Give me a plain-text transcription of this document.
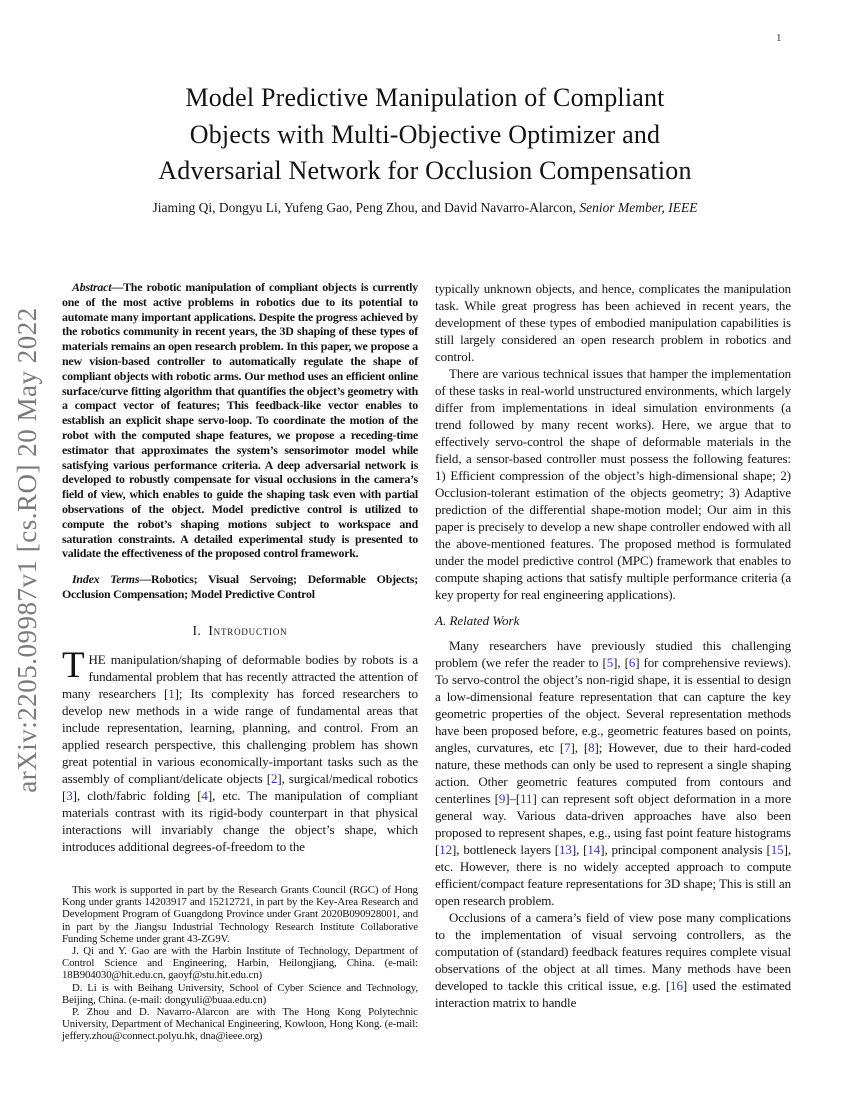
arXiv:2205.09987v1 [cs.RO] 20 May 2022
1
Model Predictive Manipulation of Compliant
Objects with Multi-Objective Optimizer and
Adversarial Network for Occlusion Compensation
Jiaming Qi, Dongyu Li, Yufeng Gao, Peng Zhou, and David Navarro-Alarcon, Senior Member, IEEE

Abstract—The robotic manipulation of compliant objects is currently one of the most active problems in robotics due to its potential to automate many important applications. Despite the progress achieved by the robotics community in recent years, the 3D shaping of these types of materials remains an open research problem. In this paper, we propose a new vision-based controller to automatically regulate the shape of compliant objects with robotic arms. Our method uses an efficient online surface/curve fitting algorithm that quantifies the object’s geometry with a compact vector of features; This feedback-like vector enables to establish an explicit shape servo-loop. To coordinate the motion of the robot with the computed shape features, we propose a receding-time estimator that approximates the system’s sensorimotor model while satisfying various performance criteria. A deep adversarial network is developed to robustly compensate for visual occlusions in the camera’s field of view, which enables to guide the shaping task even with partial observations of the object. Model predictive control is utilized to compute the robot’s shaping motions subject to workspace and saturation constraints. A detailed experimental study is presented to validate the effectiveness of the proposed control framework.

Index Terms—Robotics; Visual Servoing; Deformable Objects; Occlusion Compensation; Model Predictive Control

I. Introduction

THE manipulation/shaping of deformable bodies by robots is a fundamental problem that has recently attracted the attention of many researchers [1]; Its complexity has forced researchers to develop new methods in a wide range of fundamental areas that include representation, learning, planning, and control. From an applied research perspective, this challenging problem has shown great potential in various economically-important tasks such as the assembly of compliant/delicate objects [2], surgical/medical robotics [3], cloth/fabric folding [4], etc. The manipulation of compliant materials contrast with its rigid-body counterpart in that physical interactions will invariably change the object’s shape, which introduces additional degrees-of-freedom to the

This work is supported in part by the Research Grants Council (RGC) of Hong Kong under grants 14203917 and 15212721, in part by the Key-Area Research and Development Program of Guangdong Province under Grant 2020B090928001, and in part by the Jiangsu Industrial Technology Research Institute Collaborative Funding Scheme under grant 43-ZG9V.

J. Qi and Y. Gao are with the Harbin Institute of Technology, Department of Control Science and Engineering, Harbin, Heilongjiang, China. (e-mail: 18B904030@hit.edu.cn, gaoyf@stu.hit.edu.cn)

D. Li is with Beihang University, School of Cyber Science and Technology, Beijing, China. (e-mail: dongyuli@buaa.edu.cn)

P. Zhou and D. Navarro-Alarcon are with The Hong Kong Polytechnic University, Department of Mechanical Engineering, Kowloon, Hong Kong. (e-mail: jeffery.zhou@connect.polyu.hk, dna@ieee.org)

typically unknown objects, and hence, complicates the manipulation task. While great progress has been achieved in recent years, the development of these types of embodied manipulation capabilities is still largely considered an open research problem in robotics and control.

There are various technical issues that hamper the implementation of these tasks in real-world unstructured environments, which largely differ from implementations in ideal simulation environments (a trend followed by many recent works). Here, we argue that to effectively servo-control the shape of deformable materials in the field, a sensor-based controller must possess the following features: 1) Efficient compression of the object’s high-dimensional shape; 2) Occlusion-tolerant estimation of the objects geometry; 3) Adaptive prediction of the differential shape-motion model; Our aim in this paper is precisely to develop a new shape controller endowed with all the above-mentioned features. The proposed method is formulated under the model predictive control (MPC) framework that enables to compute shaping actions that satisfy multiple performance criteria (a key property for real engineering applications).

A. Related Work

Many researchers have previously studied this challenging problem (we refer the reader to [5], [6] for comprehensive reviews). To servo-control the object’s non-rigid shape, it is essential to design a low-dimensional feature representation that can capture the key geometric properties of the object. Several representation methods have been proposed before, e.g., geometric features based on points, angles, curvatures, etc [7], [8]; However, due to their hard-coded nature, these methods can only be used to represent a single shaping action. Other geometric features computed from contours and centerlines [9]–[11] can represent soft object deformation in a more general way. Various data-driven approaches have also been proposed to represent shapes, e.g., using fast point feature histograms [12], bottleneck layers [13], [14], principal component analysis [15], etc. However, there is no widely accepted approach to compute efficient/compact feature representations for 3D shape; This is still an open research problem.

Occlusions of a camera’s field of view pose many complications to the implementation of visual servoing controllers, as the computation of (standard) feedback features requires complete visual observations of the object at all times. Many methods have been developed to tackle this critical issue, e.g. [16] used the estimated interaction matrix to handle
